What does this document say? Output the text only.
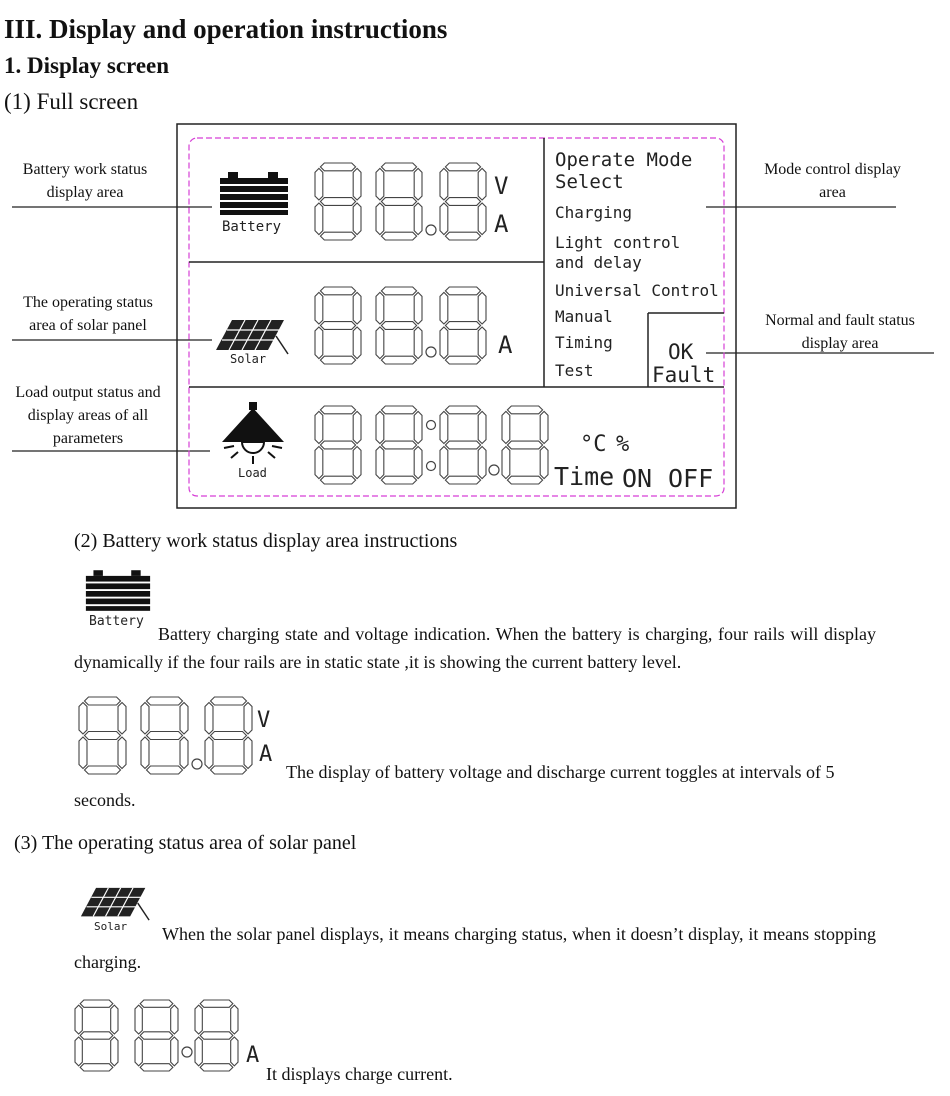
III. Display and operation instructions
1. Display screen
(1) Full screen
Battery work status display area
The operating status area of solar panel
Load output status and display areas of all parameters
Mode control display area
Normal and fault status display area
Battery
Solar
Load
V
A
A
°C %
Time ON OFF
Operate Mode
Select
Charging
Light control
and delay
Universal Control
Manual
Timing
Test
OK
Fault
(2) Battery work status display area instructions
Battery
Battery charging state and voltage indication. When the battery is charging, four rails will display dynamically if the four rails are in static state ,it is showing the current battery level.
V
A
The display of battery voltage and discharge current toggles at intervals of 5 seconds.
(3) The operating status area of solar panel
Solar	When the solar panel displays, it means charging status, when it doesn’t display, it means stopping charging.
A
It displays charge current.
